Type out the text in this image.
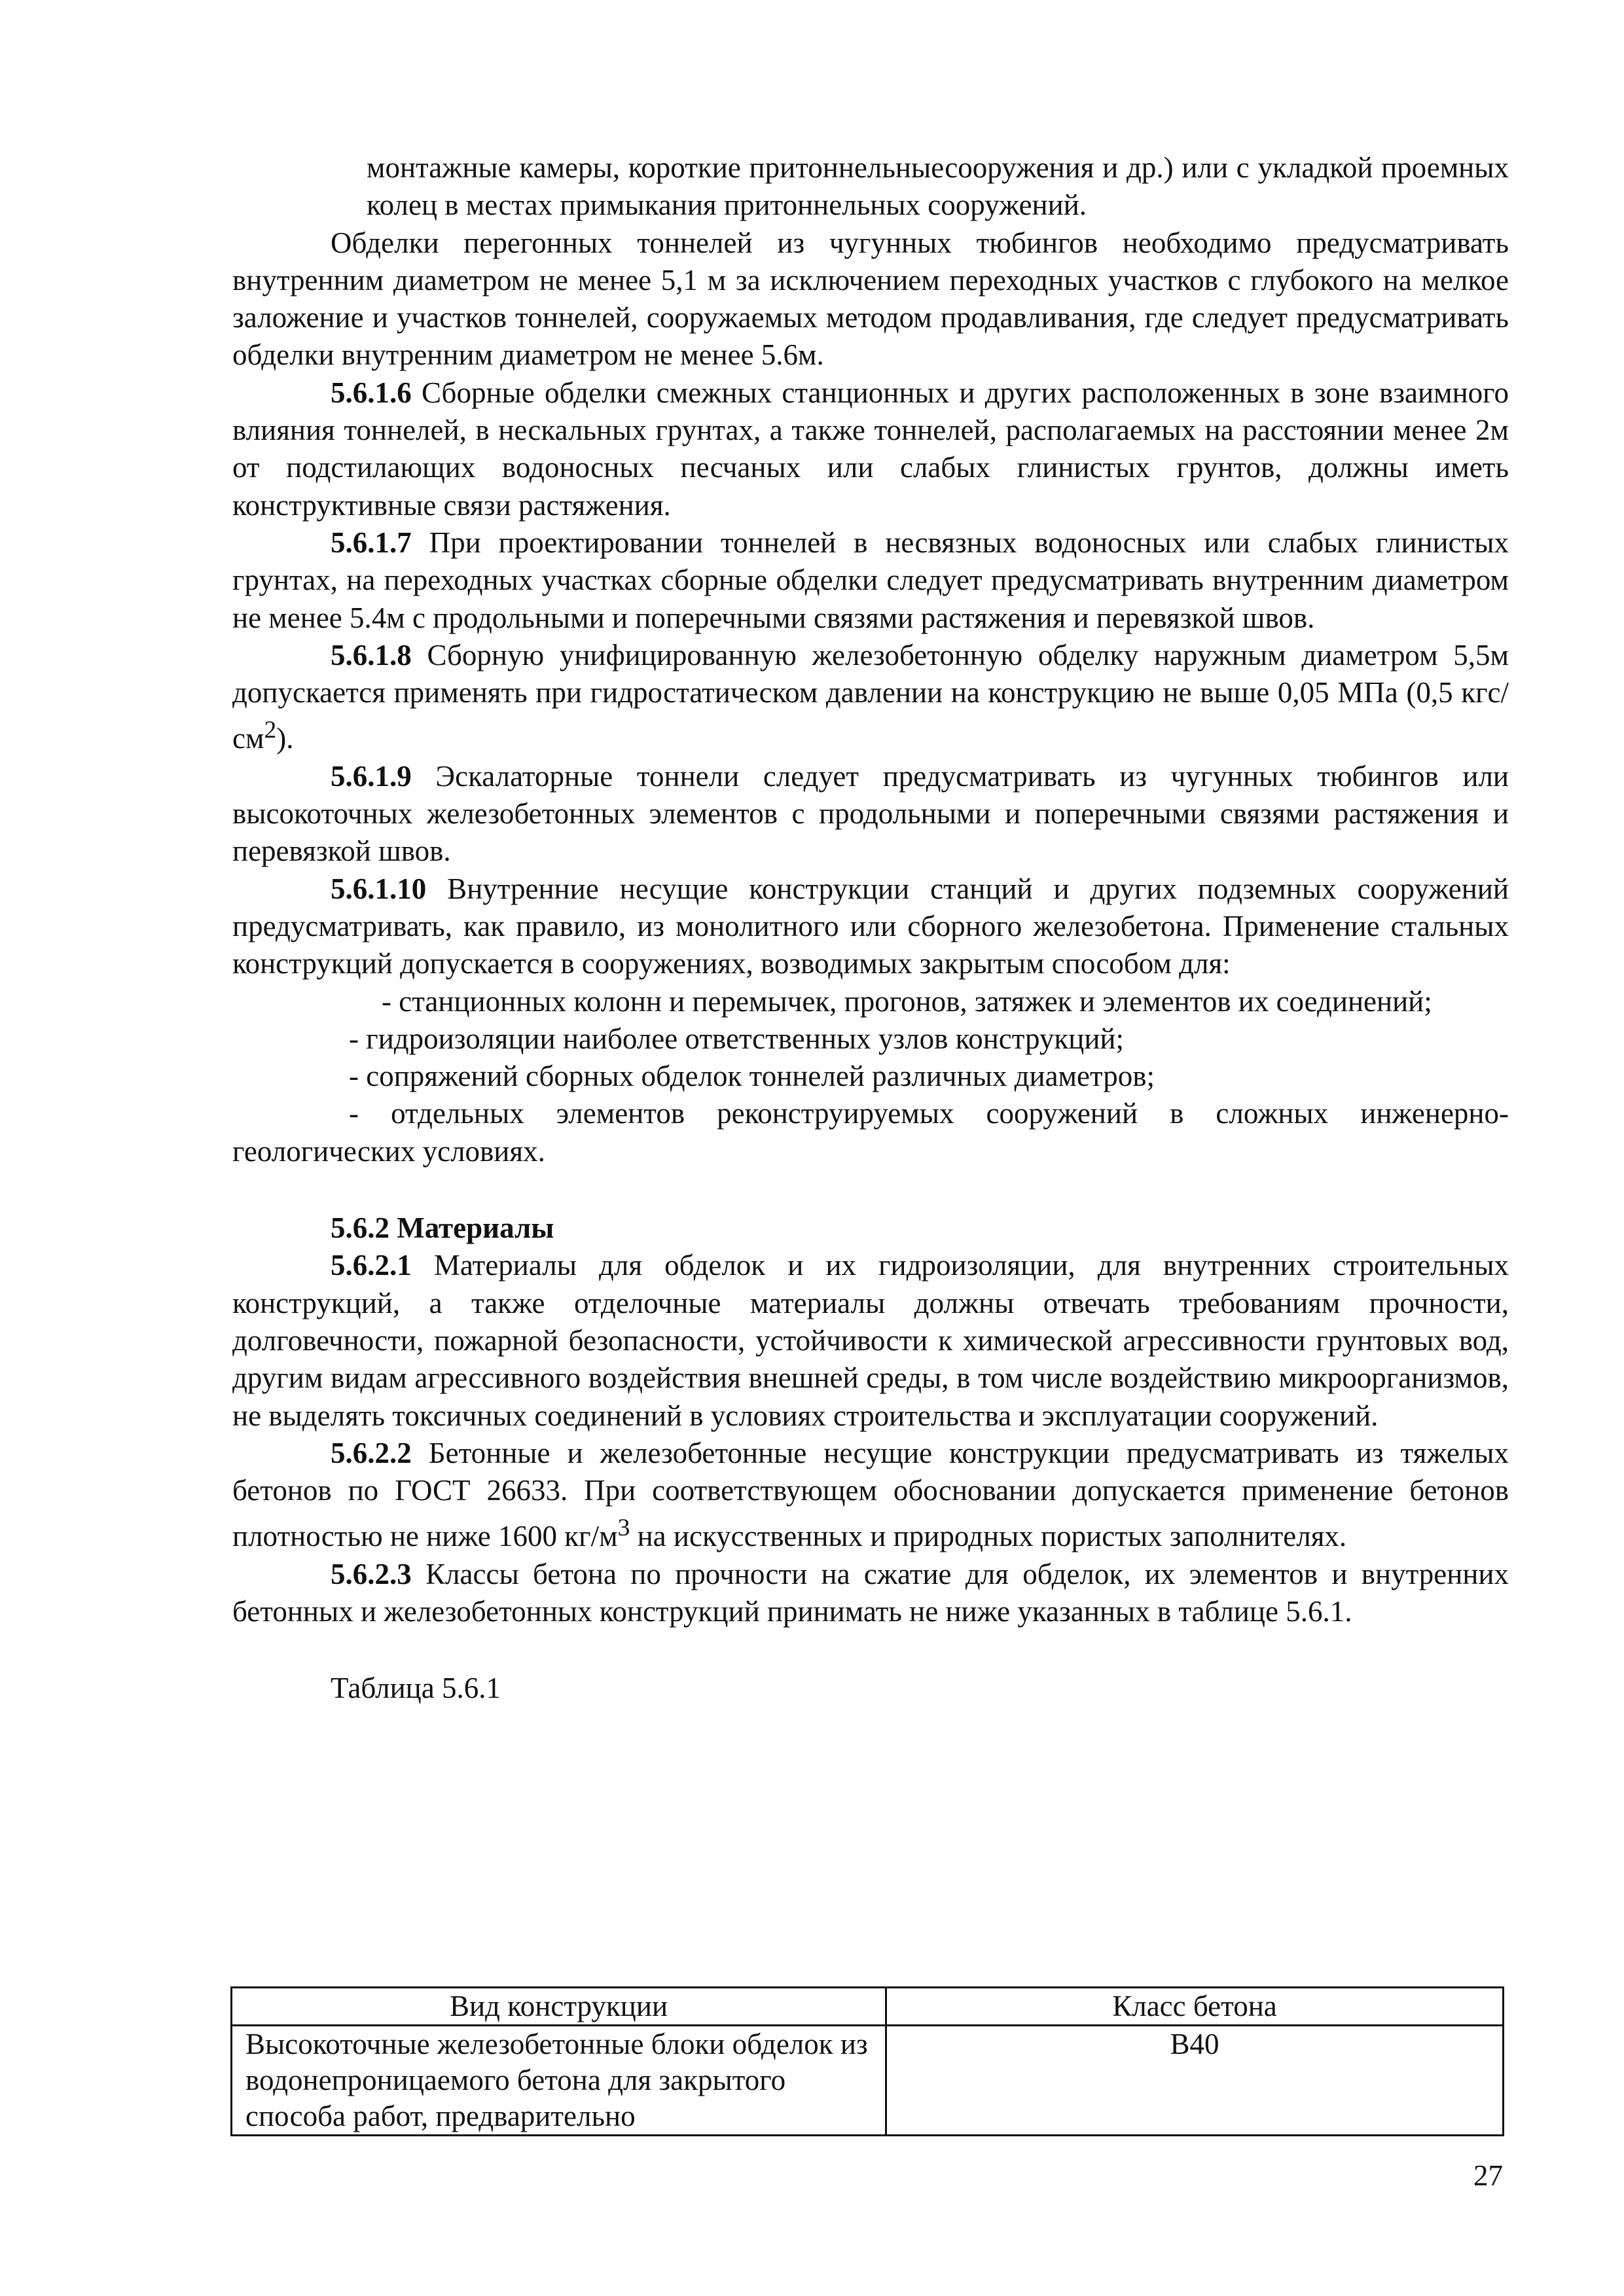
монтажные камеры, короткие притоннельныесооружения и др.) или с укладкой проемных колец в местах примыкания притоннельных сооружений.

Обделки перегонных тоннелей из чугунных тюбингов необходимо предусматривать внутренним диаметром не менее 5,1 м за исключением переходных участков с глубокого на мелкое заложение и участков тоннелей, сооружаемых методом продавливания, где следует предусматривать обделки внутренним диаметром не менее 5.6м.

5.6.1.6 Сборные обделки смежных станционных и других расположенных в зоне взаимного влияния тоннелей, в нескальных грунтах, а также тоннелей, располагаемых на расстоянии менее 2м от подстилающих водоносных песчаных или слабых глинистых грунтов, должны иметь конструктивные связи растяжения.

5.6.1.7 При проектировании тоннелей в несвязных водоносных или слабых глинистых грунтах, на переходных участках сборные обделки следует предусматривать внутренним диаметром не менее 5.4м с продольными и поперечными связями растяжения и перевязкой швов.

5.6.1.8 Сборную унифицированную железобетонную обделку наружным диаметром 5,5м допускается применять при гидростатическом давлении на конструкцию не выше 0,05 МПа (0,5 кгс/$см^2$).

5.6.1.9 Эскалаторные тоннели следует предусматривать из чугунных тюбингов или высокоточных железобетонных элементов с продольными и поперечными связями растяжения и перевязкой швов.

5.6.1.10 Внутренние несущие конструкции станций и других подземных сооружений предусматривать, как правило, из монолитного или сборного железобетона. Применение стальных конструкций допускается в сооружениях, возводимых закрытым способом для:

- станционных колонн и перемычек, прогонов, затяжек и элементов их соединений;

- гидроизоляции наиболее ответственных узлов конструкций;

- сопряжений сборных обделок тоннелей различных диаметров;

- отдельных элементов реконструируемых сооружений в сложных инженерно-геологических условиях.

5.6.2 Материалы

5.6.2.1 Материалы для обделок и их гидроизоляции, для внутренних строительных конструкций, а также отделочные материалы должны отвечать требованиям прочности, долговечности, пожарной безопасности, устойчивости к химической агрессивности грунтовых вод, другим видам агрессивного воздействия внешней среды, в том числе воздействию микроорганизмов, не выделять токсичных соединений в условиях строительства и эксплуатации сооружений.

5.6.2.2 Бетонные и железобетонные несущие конструкции предусматривать из тяжелых бетонов по ГОСТ 26633. При соответствующем обосновании допускается применение бетонов плотностью не ниже 1600 $кг/м^3$ на искусственных и природных пористых заполнителях.

5.6.2.3 Классы бетона по прочности на сжатие для обделок, их элементов и внутренних бетонных и железобетонных конструкций принимать не ниже указанных в таблице 5.6.1.

Таблица 5.6.1

Вид конструкции	Класс бетона
Высокоточные железобетонные блоки обделок из водонепроницаемого бетона для закрытого способа работ, предварительно	В40
27
